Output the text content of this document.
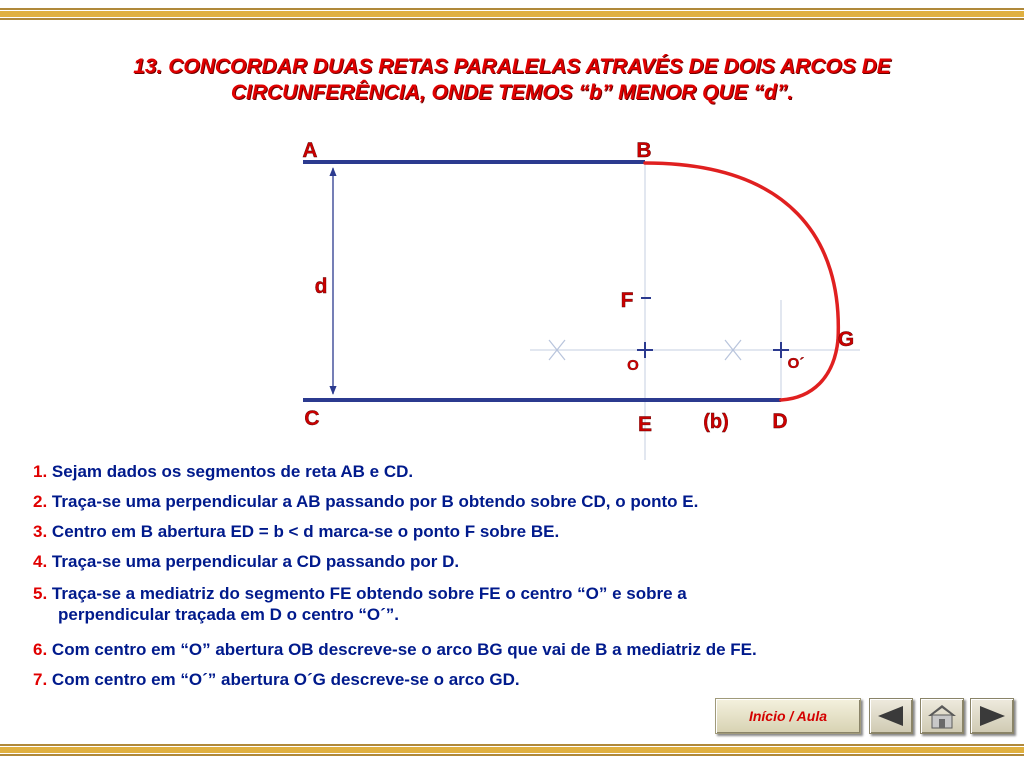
13. CONCORDAR DUAS RETAS PARALELAS ATRAVÉS DE DOIS ARCOS DE
CIRCUNFERÊNCIA, ONDE TEMOS “b” MENOR QUE “d”.
A	B
C	D
E
F
G
O	O´
d
(b)
1. Sejam dados os segmentos de reta AB e CD.
2. Traça-se uma perpendicular a AB passando por B obtendo sobre CD, o ponto E.
3. Centro em B abertura ED = b < d marca-se o ponto F sobre BE.
4. Traça-se uma perpendicular a CD passando por D.
5. Traça-se a mediatriz do segmento FE obtendo sobre FE o centro “O” e sobre a
perpendicular traçada em D o centro “O´”.
6. Com centro em “O” abertura OB descreve-se o arco BG que vai de B a mediatriz de FE.
7. Com centro em “O´” abertura O´G descreve-se o arco GD.
Início / Aula
